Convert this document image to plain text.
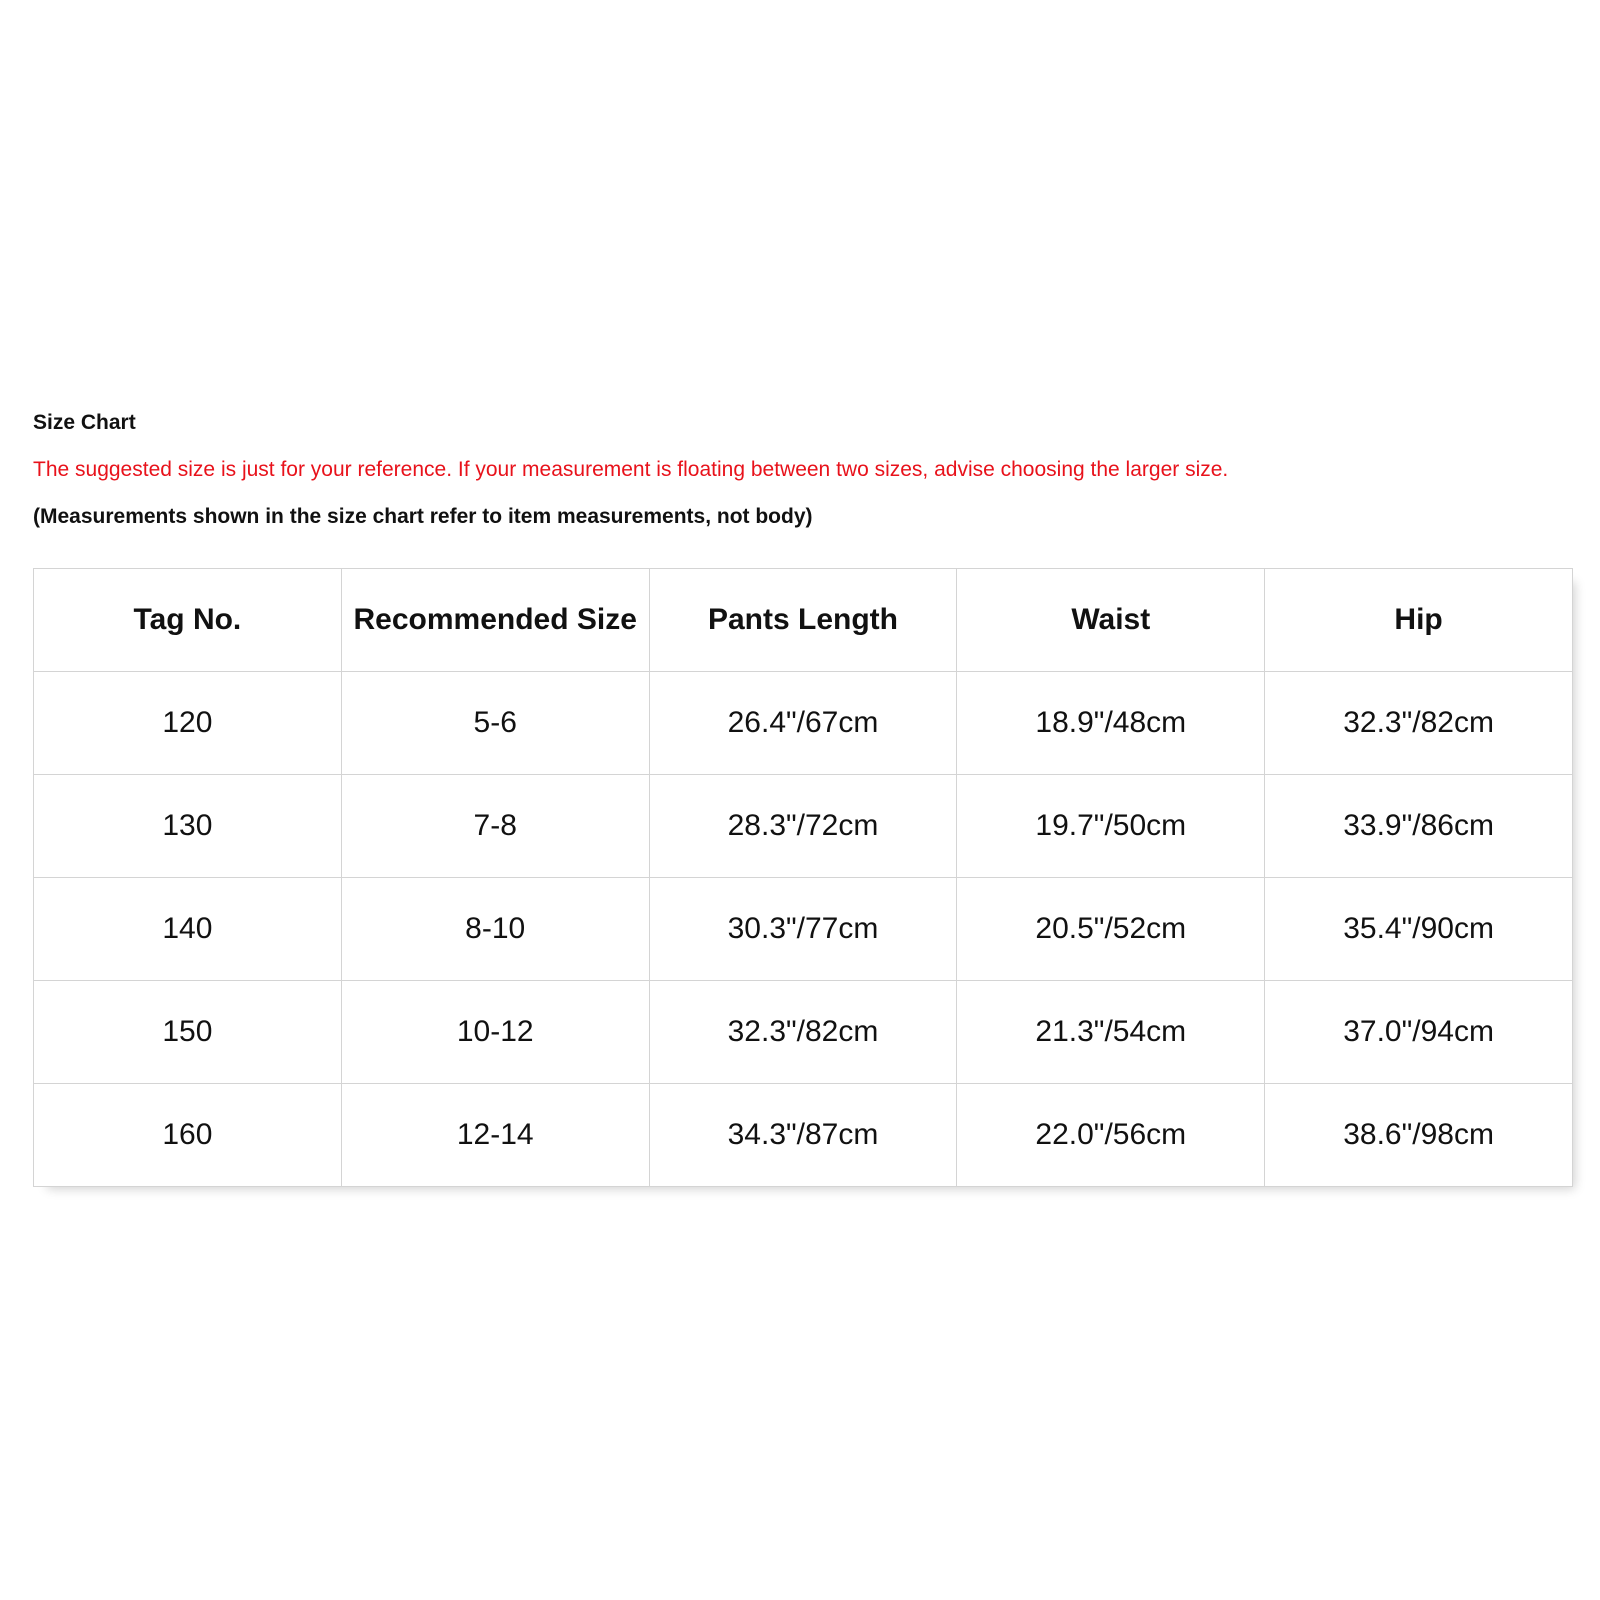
Size Chart

The suggested size is just for your reference. If your measurement is floating between two sizes, advise choosing the larger size.

(Measurements shown in the size chart refer to item measurements, not body)

Tag No.	Recommended Size	Pants Length	Waist	Hip
120	5-6	26.4"/67cm	18.9"/48cm	32.3"/82cm
130	7-8	28.3"/72cm	19.7"/50cm	33.9"/86cm
140	8-10	30.3"/77cm	20.5"/52cm	35.4"/90cm
150	10-12	32.3"/82cm	21.3"/54cm	37.0"/94cm
160	12-14	34.3"/87cm	22.0"/56cm	38.6"/98cm
